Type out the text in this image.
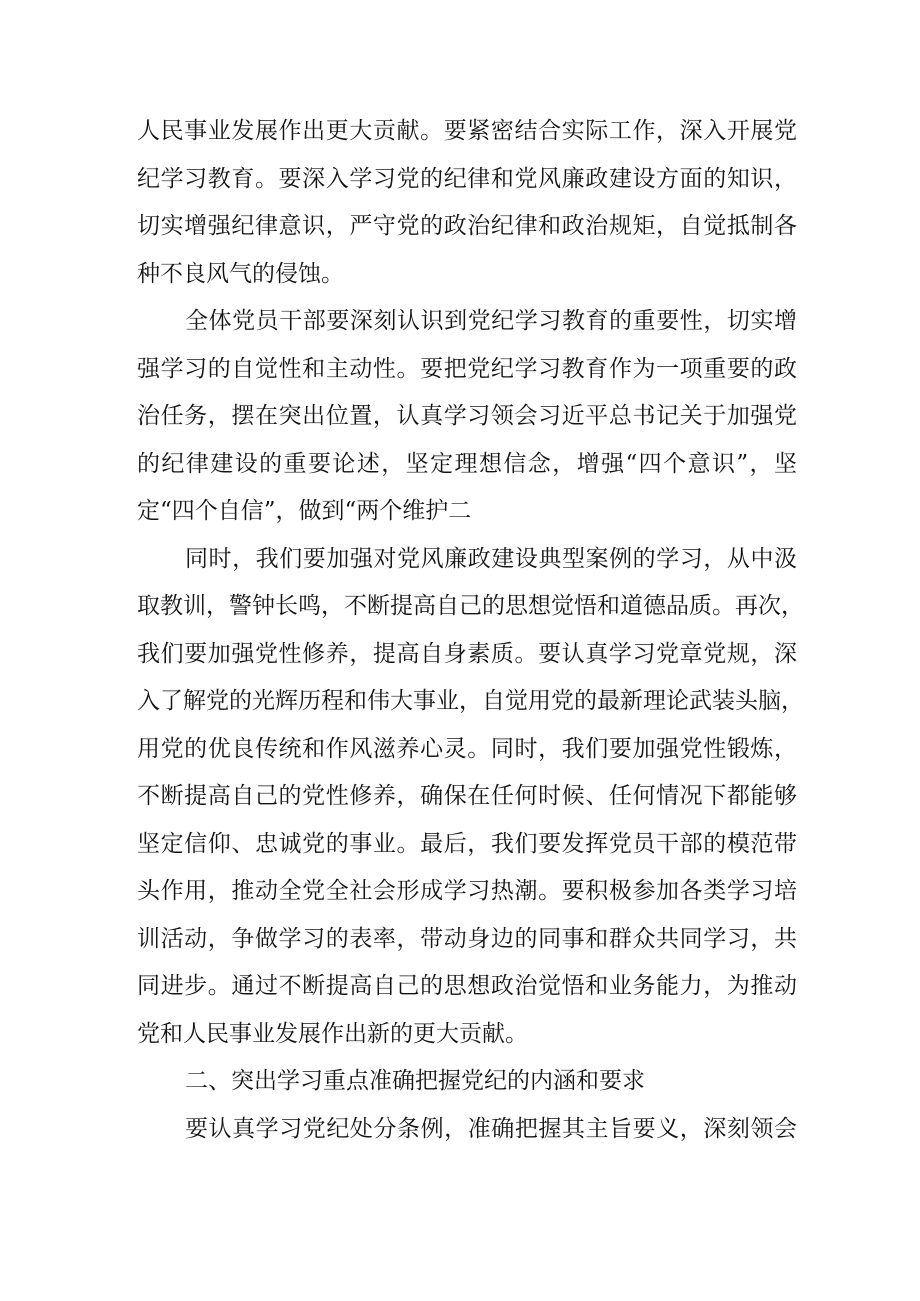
人民事业发展作出更大贡献。要紧密结合实际工作，深入开展党
纪学习教育。要深入学习党的纪律和党风廉政建设方面的知识，
切实增强纪律意识，严守党的政治纪律和政治规矩，自觉抵制各
种不良风气的侵蚀。
全体党员干部要深刻认识到党纪学习教育的重要性，切实增
强学习的自觉性和主动性。要把党纪学习教育作为一项重要的政
治任务，摆在突出位置，认真学习领会习近平总书记关于加强党
的纪律建设的重要论述，坚定理想信念，增强“四个意识”，坚
定“四个自信”，做到“两个维护二
同时，我们要加强对党风廉政建设典型案例的学习，从中汲
取教训，警钟长鸣，不断提高自己的思想觉悟和道德品质。再次，
我们要加强党性修养，提高自身素质。要认真学习党章党规，深
入了解党的光辉历程和伟大事业，自觉用党的最新理论武装头脑，
用党的优良传统和作风滋养心灵。同时，我们要加强党性锻炼，
不断提高自己的党性修养，确保在任何时候、任何情况下都能够
坚定信仰、忠诚党的事业。最后，我们要发挥党员干部的模范带
头作用，推动全党全社会形成学习热潮。要积极参加各类学习培
训活动，争做学习的表率，带动身边的同事和群众共同学习，共
同进步。通过不断提高自己的思想政治觉悟和业务能力，为推动
党和人民事业发展作出新的更大贡献。
二、突出学习重点准确把握党纪的内涵和要求
要认真学习党纪处分条例，准确把握其主旨要义，深刻领会
